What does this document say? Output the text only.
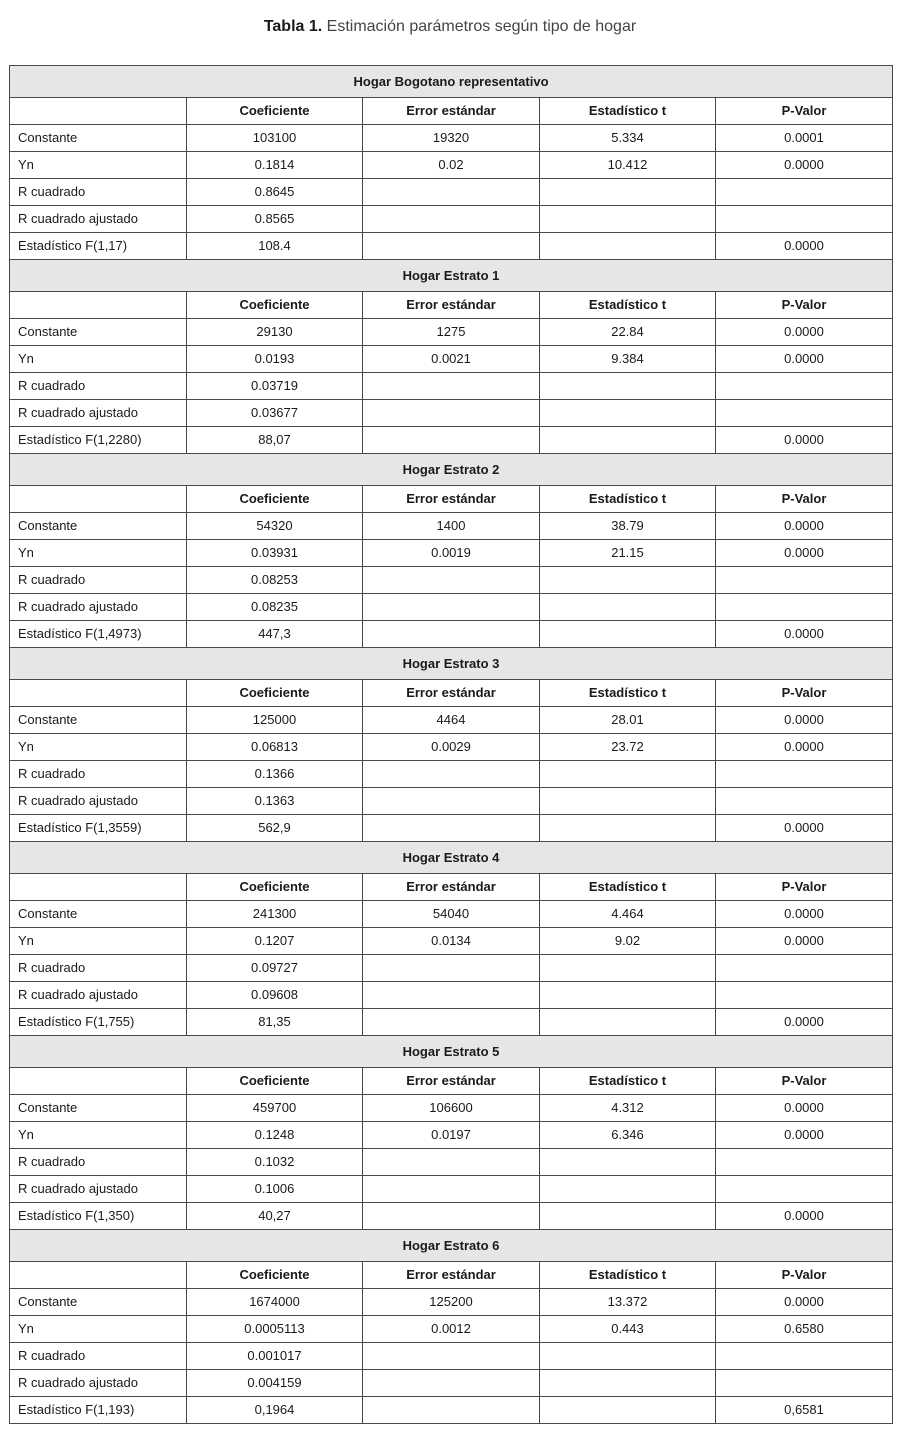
Tabla 1. Estimación parámetros según tipo de hogar
Hogar Bogotano representativo				
	Coeficiente	Error estándar	Estadístico t	P-Valor
Constante	103100	19320	5.334	0.0001
Yn	0.1814	0.02	10.412	0.0000
R cuadrado	0.8645			
R cuadrado ajustado	0.8565			
Estadístico F(1,17)	108.4			0.0000
Hogar Estrato 1				
	Coeficiente	Error estándar	Estadístico t	P-Valor
Constante	29130	1275	22.84	0.0000
Yn	0.0193	0.0021	9.384	0.0000
R cuadrado	0.03719			
R cuadrado ajustado	0.03677			
Estadístico F(1,2280)	88,07			0.0000
Hogar Estrato 2				
	Coeficiente	Error estándar	Estadístico t	P-Valor
Constante	54320	1400	38.79	0.0000
Yn	0.03931	0.0019	21.15	0.0000
R cuadrado	0.08253			
R cuadrado ajustado	0.08235			
Estadístico F(1,4973)	447,3			0.0000
Hogar Estrato 3				
	Coeficiente	Error estándar	Estadístico t	P-Valor
Constante	125000	4464	28.01	0.0000
Yn	0.06813	0.0029	23.72	0.0000
R cuadrado	0.1366			
R cuadrado ajustado	0.1363			
Estadístico F(1,3559)	562,9			0.0000
Hogar Estrato 4				
	Coeficiente	Error estándar	Estadístico t	P-Valor
Constante	241300	54040	4.464	0.0000
Yn	0.1207	0.0134	9.02	0.0000
R cuadrado	0.09727			
R cuadrado ajustado	0.09608			
Estadístico F(1,755)	81,35			0.0000
Hogar Estrato 5				
	Coeficiente	Error estándar	Estadístico t	P-Valor
Constante	459700	106600	4.312	0.0000
Yn	0.1248	0.0197	6.346	0.0000
R cuadrado	0.1032			
R cuadrado ajustado	0.1006			
Estadístico F(1,350)	40,27			0.0000
Hogar Estrato 6				
	Coeficiente	Error estándar	Estadístico t	P-Valor
Constante	1674000	125200	13.372	0.0000
Yn	0.0005113	0.0012	0.443	0.6580
R cuadrado	0.001017			
R cuadrado ajustado	0.004159			
Estadístico F(1,193)	0,1964			0,6581
